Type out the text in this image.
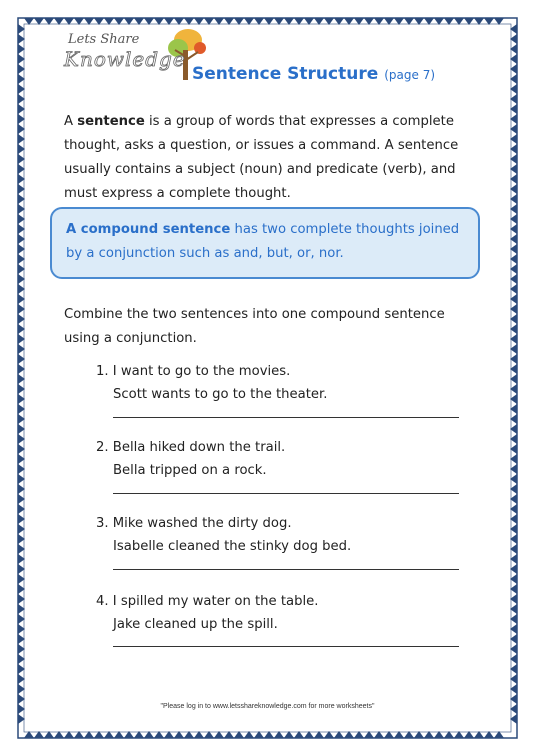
Lets Share
Knowledge
Sentence Structure (page 7)
A sentence is a group of words that expresses a complete thought, asks a question, or issues a command. A sentence usually contains a subject (noun) and predicate (verb), and must express a complete thought.
A compound sentence has two complete thoughts joined by a conjunction such as and, but, or, nor.
Combine the two sentences into one compound sentence using a conjunction.
1. I want to go to the movies.
Scott wants to go to the theater.
2. Bella hiked down the trail.
Bella tripped on a rock.
3. Mike washed the dirty dog.
Isabelle cleaned the stinky dog bed.
4. I spilled my water on the table.
Jake cleaned up the spill.
"Please log in to www.letsshareknowledge.com for more worksheets"
